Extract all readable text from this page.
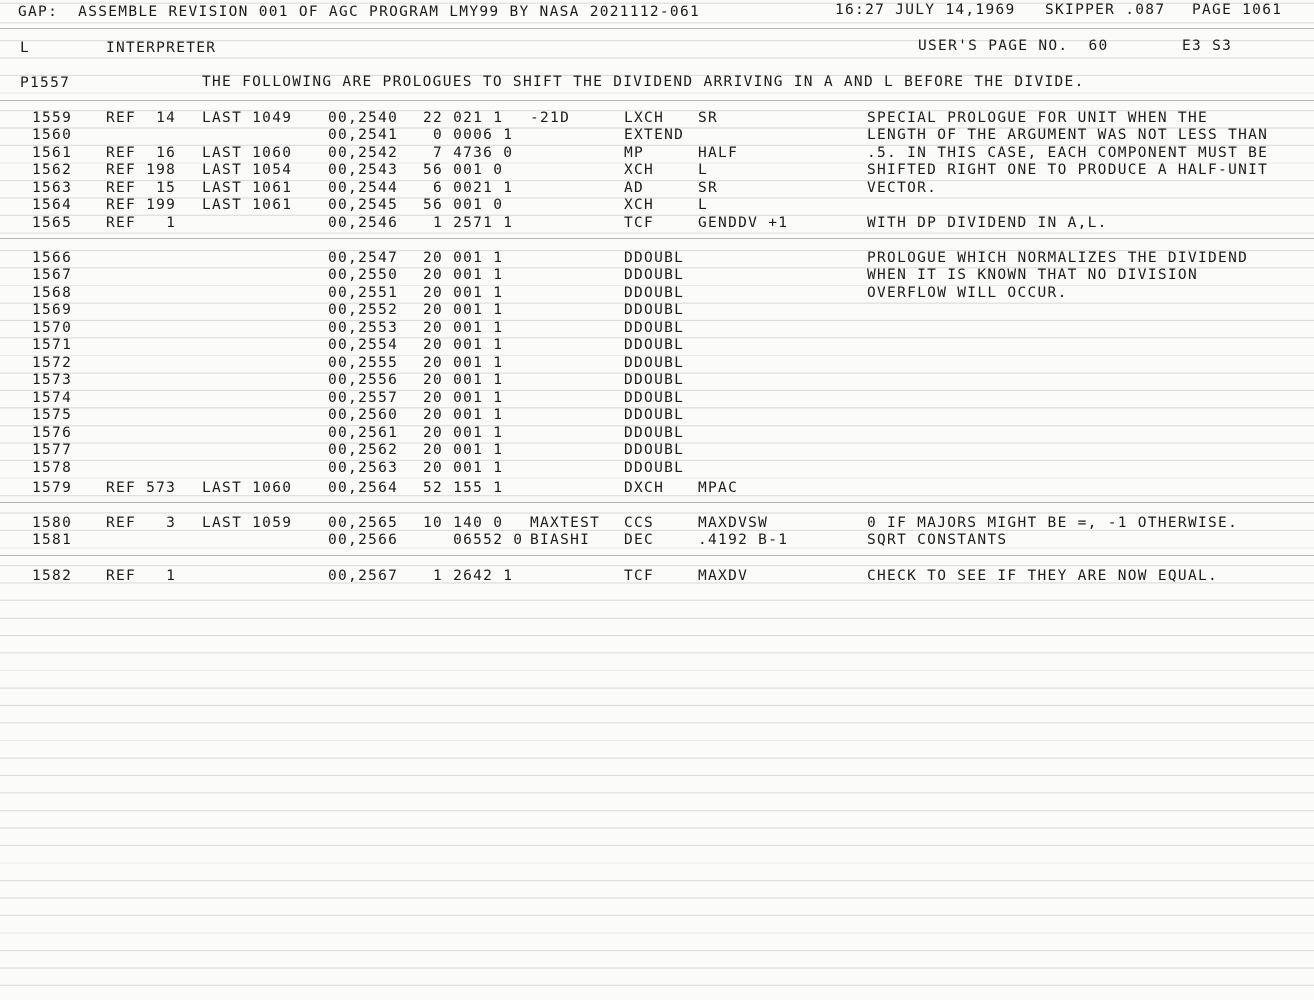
GAP:  ASSEMBLE REVISION 001 OF AGC PROGRAM LMY99 BY NASA 2021112-061	16:27 JULY 14,1969 SKIPPER .087 PAGE 1061
L	INTERPRETER	USER'S PAGE NO.  60	E3 S3
P1557	THE FOLLOWING ARE PROLOGUES TO SHIFT THE DIVIDEND ARRIVING IN A AND L BEFORE THE DIVIDE.
1559 REF  14 LAST 1049 00,2540 22 021 1 -21D	LXCH SR	SPECIAL PROLOGUE FOR UNIT WHEN THE
1560	00,2541 0 0006 1	EXTEND	LENGTH OF THE ARGUMENT WAS NOT LESS THAN
1561 REF  16 LAST 1060 00,2542 7 4736 0	MP	HALF	.5. IN THIS CASE, EACH COMPONENT MUST BE
1562 REF 198 LAST 1054 00,2543 56 001 0	XCH	L	SHIFTED RIGHT ONE TO PRODUCE A HALF-UNIT
1563 REF  15 LAST 1061 00,2544 6 0021 1	AD	SR	VECTOR.
1564 REF 199 LAST 1061 00,2545 56 001 0	XCH	L
1565 REF   1	00,2546 1 2571 1	TCF	GENDDV +1	WITH DP DIVIDEND IN A,L.
1566	00,2547 20 001 1	DDOUBL	PROLOGUE WHICH NORMALIZES THE DIVIDEND
1567	00,2550 20 001 1	DDOUBL	WHEN IT IS KNOWN THAT NO DIVISION
1568	00,2551 20 001 1	DDOUBL	OVERFLOW WILL OCCUR.
1569	00,2552 20 001 1	DDOUBL
1570	00,2553 20 001 1	DDOUBL
1571	00,2554 20 001 1	DDOUBL
1572	00,2555 20 001 1	DDOUBL
1573	00,2556 20 001 1	DDOUBL
1574	00,2557 20 001 1	DDOUBL
1575	00,2560 20 001 1	DDOUBL
1576	00,2561 20 001 1	DDOUBL
1577	00,2562 20 001 1	DDOUBL
1578	00,2563 20 001 1	DDOUBL
1579 REF 573 LAST 1060 00,2564 52 155 1	DXCH MPAC
1580 REF   3 LAST 1059 00,2565 10 140 0 MAXTEST CCS	MAXDVSW	0 IF MAJORS MIGHT BE =, -1 OTHERWISE.
1581	00,2566 06552 0 BIASHI DEC	.4192 B-1	SQRT CONSTANTS
1582 REF   1	00,2567 1 2642 1	TCF	MAXDV	CHECK TO SEE IF THEY ARE NOW EQUAL.
